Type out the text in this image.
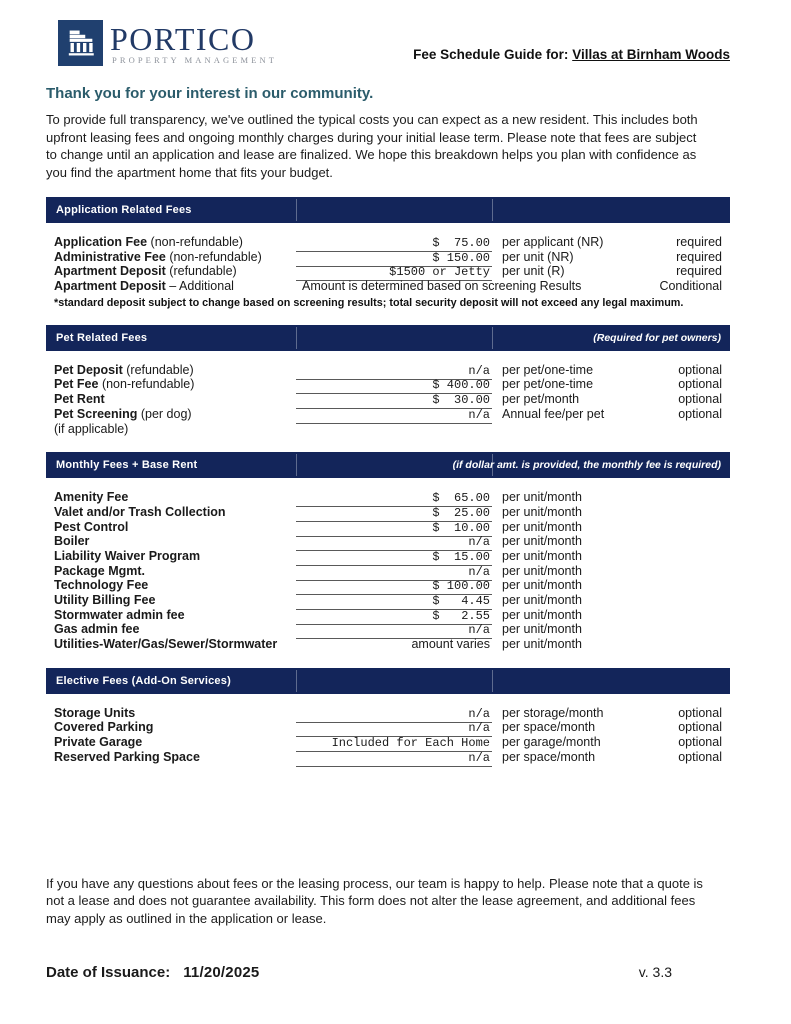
PORTICO
PROPERTY MANAGEMENT	Fee Schedule Guide for: Villas at Birnham Woods
Thank you for your interest in our community.
To provide full transparency, we've outlined the typical costs you can expect as a new resident. This includes both upfront leasing fees and ongoing monthly charges during your initial lease term. Please note that fees are subject to change until an application and lease are finalized. We hope this breakdown helps you plan with confidence as you find the apartment home that fits your budget.
Application Related Fees
Application Fee (non-refundable)	$  75.00 per applicant (NR)	required
Administrative Fee (non-refundable)	$ 150.00 per unit (NR)	required
Apartment Deposit (refundable)	$1500 or Jetty per unit (R)	required
Apartment Deposit – Additional	Amount is determined based on screening Results	Conditional
*standard deposit subject to change based on screening results; total security deposit will not exceed any legal maximum.
Pet Related Fees	(Required for pet owners)
Pet Deposit (refundable)	n/a per pet/one-time	optional
Pet Fee (non-refundable)	$ 400.00 per pet/one-time	optional
Pet Rent	$  30.00 per pet/month	optional
Pet Screening (per dog)	n/a Annual fee/per pet	optional
(if applicable)
Monthly Fees + Base Rent	(if dollar amt. is provided, the monthly fee is required)
Amenity Fee	$  65.00 per unit/month
Valet and/or Trash Collection	$  25.00 per unit/month
Pest Control	$  10.00 per unit/month
Boiler	n/a per unit/month
Liability Waiver Program	$  15.00 per unit/month
Package Mgmt.	n/a per unit/month
Technology Fee	$ 100.00 per unit/month
Utility Billing Fee	$   4.45 per unit/month
Stormwater admin fee	$   2.55 per unit/month
Gas admin fee	n/a per unit/month
Utilities-Water/Gas/Sewer/Stormwater	amount varies per unit/month
Elective Fees (Add-On Services)
Storage Units	n/a per storage/month	optional
Covered Parking	n/a per space/month	optional
Private Garage	Included for Each Home per garage/month	optional
Reserved Parking Space	n/a per space/month	optional
If you have any questions about fees or the leasing process, our team is happy to help. Please note that a quote is not a lease and does not guarantee availability. This form does not alter the lease agreement, and additional fees may apply as outlined in the application or lease.
Date of Issuance: 11/20/2025	v. 3.3
